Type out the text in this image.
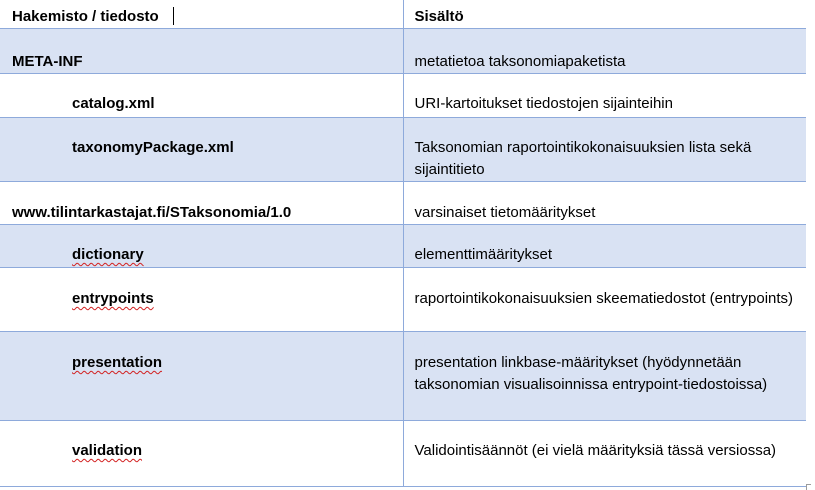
Hakemisto / tiedosto	Sisältö

META-INF	metatietoa taksonomiapaketista

catalog.xml	URI-kartoitukset tiedostojen sijainteihin

taxonomyPackage.xml	Taksonomian raportointikokonaisuuksien lista sekä sijaintitieto

www.tilintarkastajat.fi/STaksonomia/1.0	varsinaiset tietomääritykset

dictionary	elementtimääritykset

entrypoints	raportointikokonaisuuksien skeematiedostot (entrypoints)

presentation	presentation linkbase-määritykset (hyödynnetään taksonomian visualisoinnissa entrypoint-tiedostoissa)

validation	Validointisäännöt (ei vielä määrityksiä tässä versiossa)
